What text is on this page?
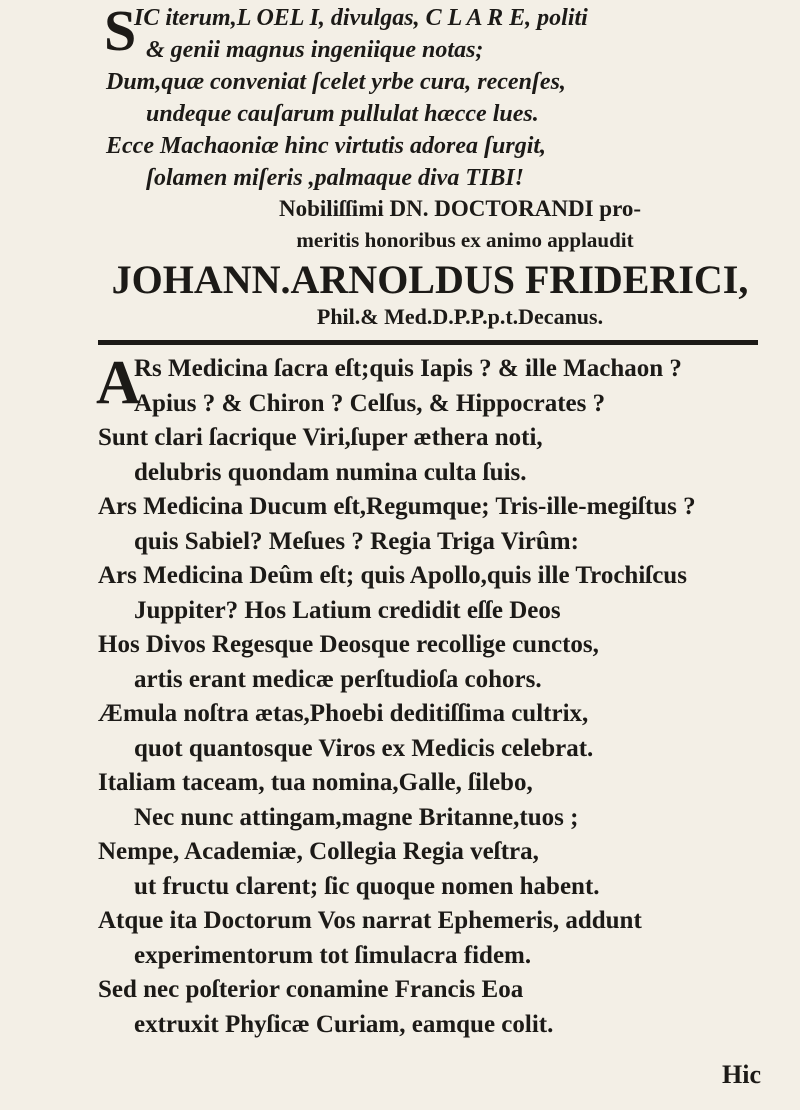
S
IC iterum,L OEL I, divulgas, C L A R E, politi
& genii magnus ingeniique notas;
Dum,quæ conveniat ſcelet yrbe cura, recenſes,
undeque cauſarum pullulat hæcce lues.
Ecce Machaoniæ hinc virtutis adorea ſurgit,
ſolamen miſeris ,palmaque diva TIBI!
Nobiliſſimi DN. DOCTORANDI pro-
meritis honoribus ex animo applaudit
JOHANN.ARNOLDUS FRIDERICI,
Phil.& Med.D.P.P.p.t.Decanus.
A
Rs Medicina ſacra eſt;quis Iapis ? & ille Machaon ?
Apius ? & Chiron ? Celſus, & Hippocrates ?
Sunt clari ſacrique Viri,ſuper æthera noti,
delubris quondam numina culta ſuis.
Ars Medicina Ducum eſt,Regumque; Tris-ille-megiſtus ?
quis Sabiel? Meſues ? Regia Triga Virûm:
Ars Medicina Deûm eſt; quis Apollo,quis ille Trochiſcus
Juppiter? Hos Latium credidit eſſe Deos
Hos Divos Regesque Deosque recollige cunctos,
artis erant medicæ perſtudioſa cohors.
Æmula noſtra ætas,Phoebi deditiſſima cultrix,
quot quantosque Viros ex Medicis celebrat.
Italiam taceam, tua nomina,Galle, ſilebo,
Nec nunc attingam,magne Britanne,tuos ;
Nempe, Academiæ, Collegia Regia veſtra,
ut fructu clarent; ſic quoque nomen habent.
Atque ita Doctorum Vos narrat Ephemeris, addunt
experimentorum tot ſimulacra fidem.
Sed nec poſterior conamine Francis Eoa
extruxit Phyſicæ Curiam, eamque colit.
Hic
